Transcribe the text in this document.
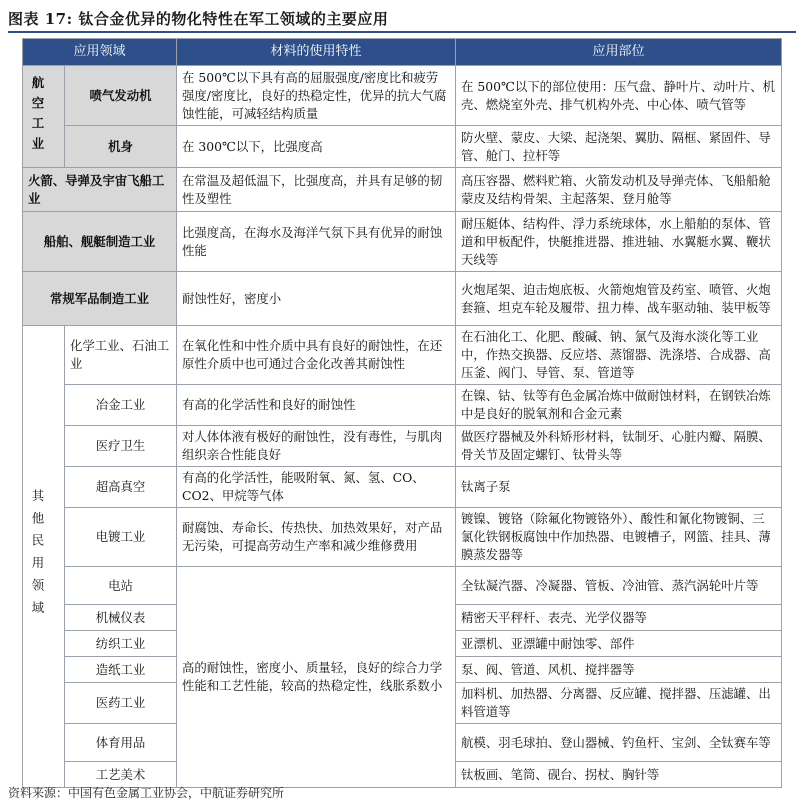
图表 17: 钛合金优异的物化特性在军工领域的主要应用
应用领域		材料的使用特性	应用部位

航空工业	喷气发动机	在 500℃以下具有高的屈服强度/密度比和疲劳强度/密度比，良好的热稳定性，优异的抗大气腐蚀性能，可减轻结构质量	在 500℃以下的部位使用：压气盘、静叶片、动叶片、机壳、燃烧室外壳、排气机构外壳、中心体、喷气管等
	机身	在 300℃以下，比强度高	防火壁、蒙皮、大梁、起浇架、翼肋、隔框、紧固件、导管、舱门、拉杆等
火箭、导弹及宇宙飞船工业		在常温及超低温下，比强度高，并具有足够的韧性及塑性	高压容器、燃料贮箱、火箭发动机及导弹壳体、飞船船舱蒙皮及结构骨架、主起落架、登月舱等
船舶、舰艇制造工业		比强度高，在海水及海洋气氛下具有优异的耐蚀性能	耐压艇体、结构件、浮力系统球体，水上船舶的泵体、管道和甲板配件，快艇推进器、推进轴、水翼艇水翼、鞭状天线等
常规军品制造工业		耐蚀性好，密度小	火炮尾架、迫击炮底板、火箭炮炮管及药室、喷管、火炮套箍、坦克车轮及履带、扭力棒、战车驱动轴、装甲板等

其他民用领域	化学工业、石油工业	在氧化性和中性介质中具有良好的耐蚀性，在还原性介质中也可通过合金化改善其耐蚀性	在石油化工、化肥、酸碱、钠、氯气及海水淡化等工业中，作热交换器、反应塔、蒸馏器、洗涤塔、合成器、高压釜、阀门、导管、泵、管道等
	冶金工业	有高的化学活性和良好的耐蚀性	在镍、钴、钛等有色金属冶炼中做耐蚀材料，在钢铁冶炼中是良好的脱氧剂和合金元素
	医疗卫生	对人体体液有极好的耐蚀性，没有毒性，与肌肉组织亲合性能良好	做医疗器械及外科矫形材料，钛制牙、心脏内瓣、隔膜、骨关节及固定螺钉、钛骨头等
	超高真空	有高的化学活性，能吸附氧、氮、氢、CO、CO2、甲烷等气体	钛离子泵
	电镀工业	耐腐蚀、寿命长、传热快、加热效果好，对产品无污染，可提高劳动生产率和减少维修费用	镀镍、镀铬（除氟化物镀铬外）、酸性和氰化物镀铜、三氯化铁钢板腐蚀中作加热器、电镀槽子，网篮、挂具、薄膜蒸发器等
	电站	高的耐蚀性，密度小、质量轻，良好的综合力学性能和工艺性能，较高的热稳定性，线胀系数小	全钛凝汽器、冷凝器、管板、冷油管、蒸汽涡轮叶片等
	机械仪表		精密天平秤杆、表壳、光学仪器等
	纺织工业		亚漂机、亚漂罐中耐蚀零、部件
	造纸工业		泵、阀、管道、风机、搅拌器等
	医药工业		加料机、加热器、分离器、反应罐、搅拌器、压滤罐、出料管道等
	体育用品		航模、羽毛球拍、登山器械、钓鱼杆、宝剑、全钛赛车等
	工艺美术		钛板画、笔筒、砚台、拐杖、胸针等
资料来源：中国有色金属工业协会，中航证券研究所
